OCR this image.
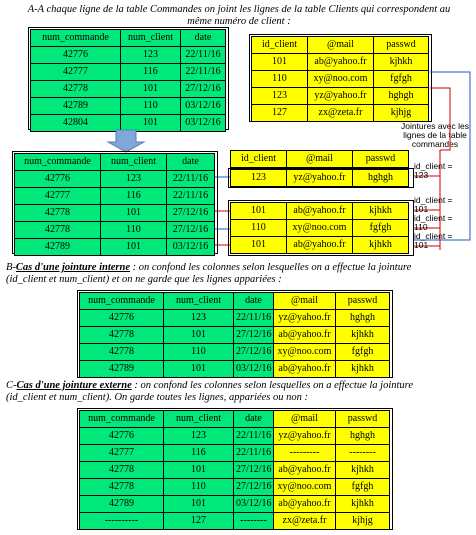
A-A chaque ligne de la table Commandes on joint les lignes de la table Clients qui correspondent au
même numéro de client :
num_commande	num_client	date
42776	123	22/11/16
42777	116	22/11/16
42778	101	27/12/16
42789	110	03/12/16
42804	101	03/12/16
id_client	@mail	passwd
101	ab@yahoo.fr	kjhkh
110	xy@noo.com	fgfgh
123	yz@yahoo.fr	hghgh
127	zx@zeta.fr	kjhjg
Jointures avec les lignes de la table commandes
num_commande	num_client	date
42776	123	22/11/16
42777	116	22/11/16
42778	101	27/12/16
42778	110	27/12/16
42789	101	03/12/16
id_client	@mail	passwd
123	yz@yahoo.fr	hghgh
101	ab@yahoo.fr	kjhkh
110	xy@noo.com	fgfgh
101	ab@yahoo.fr	kjhkh
id_client = 123
id_client = 101
id_client = 110
id_client = 101
B-Cas d'une jointure interne : on confond les colonnes selon lesquelles on a effectue la jointure
(id_client et num_client) et on ne garde que les lignes appariées :
num_commande	num_client	date	@mail	passwd
42776	123	22/11/16	yz@yahoo.fr	hghgh
42778	101	27/12/16	ab@yahoo.fr	kjhkh
42778	110	27/12/16	xy@noo.com	fgfgh
42789	101	03/12/16	ab@yahoo.fr	kjhkh
C-Cas d'une jointure externe : on confond les colonnes selon lesquelles on a effectue la jointure
(id_client et num_client). On garde toutes les lignes, appariées ou non :
num_commande	num_client	date	@mail	passwd
42776	123	22/11/16	yz@yahoo.fr	hghgh
42777	116	22/11/16	---------	--------
42778	101	27/12/16	ab@yahoo.fr	kjhkh
42778	110	27/12/16	xy@noo.com	fgfgh
42789	101	03/12/16	ab@yahoo.fr	kjhkh
----------	127	--------	zx@zeta.fr	kjhjg
